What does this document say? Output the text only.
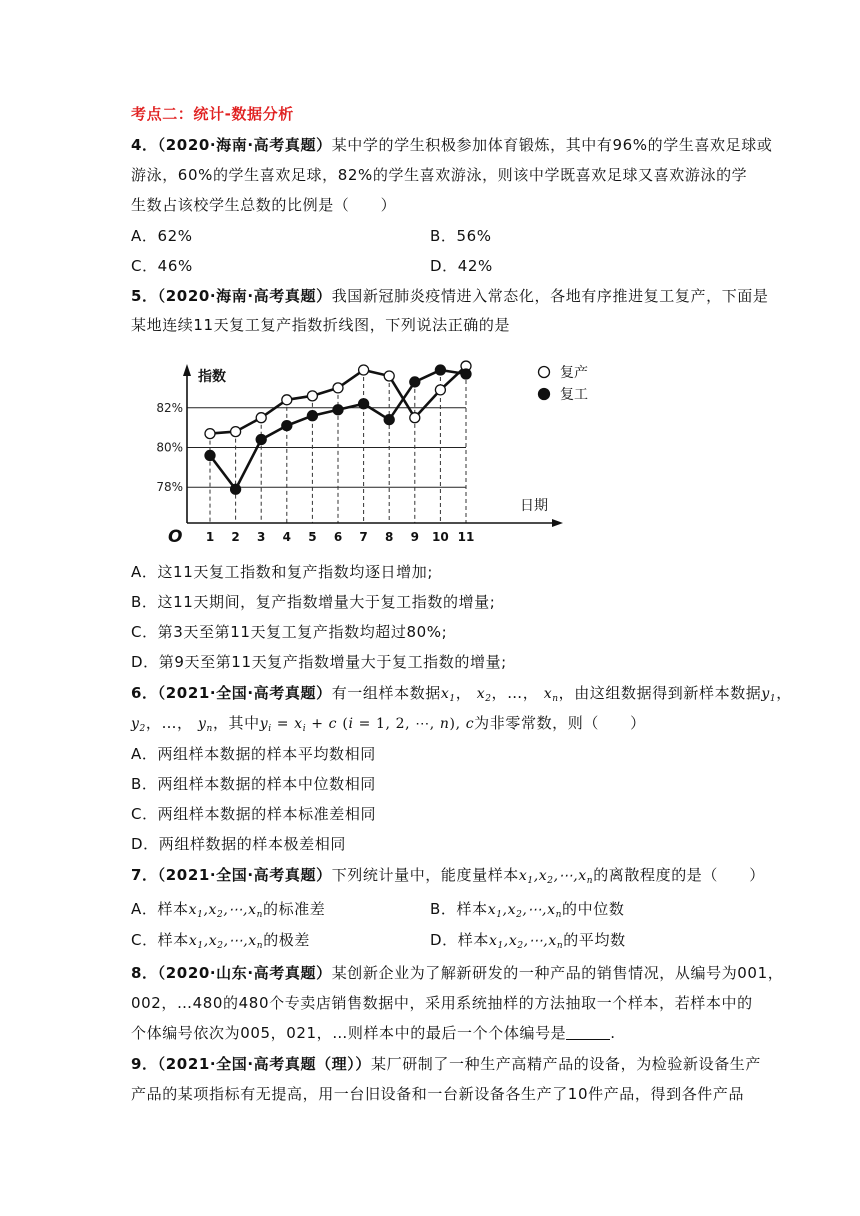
考点二：统计-数据分析
4．（2020·海南·高考真题）某中学的学生积极参加体育锻炼，其中有96%的学生喜欢足球或
游泳，60%的学生喜欢足球，82%的学生喜欢游泳，则该中学既喜欢足球又喜欢游泳的学
生数占该校学生总数的比例是（　　）
A．62%	B．56%
C．46%	D．42%
5．（2020·海南·高考真题）我国新冠肺炎疫情进入常态化，各地有序推进复工复产，下面是
某地连续11天复工复产指数折线图，下列说法正确的是
78%
80%
82%
指数
日期
O 1 2 3 4 5 6 7 8 9 10 11
复产
复工
A．这11天复工指数和复产指数均逐日增加;
B．这11天期间，复产指数增量大于复工指数的增量;
C．第3天至第11天复工复产指数均超过80%;
D．第9天至第11天复产指数增量大于复工指数的增量;
6．（2021·全国·高考真题）有一组样本数据$x_1$， $x_2$，…， $x_n$，由这组数据得到新样本数据$y_1$，
$y_2$，…， $y_n$，其中$y_i = x_i + c$ (i = 1, 2, ⋯, n), c为非零常数，则（　　）
A．两组样本数据的样本平均数相同
B．两组样本数据的样本中位数相同
C．两组样本数据的样本标准差相同
D．两组样数据的样本极差相同
7．（2021·全国·高考真题）下列统计量中，能度量样本$x_1,x_2,\cdots,x_n$的离散程度的是（　　）
A．样本$x_1,x_2,\cdots,x_n$的标准差	B．样本$x_1,x_2,\cdots,x_n$的中位数
C．样本$x_1,x_2,\cdots,x_n$的极差	D．样本$x_1,x_2,\cdots,x_n$的平均数
8．（2020·山东·高考真题）某创新企业为了解新研发的一种产品的销售情况，从编号为001，
002，…480的480个专卖店销售数据中，采用系统抽样的方法抽取一个样本，若样本中的
个体编号依次为005，021，…则样本中的最后一个个体编号是	.
9．（2021·全国·高考真题（理））某厂研制了一种生产高精产品的设备，为检验新设备生产
产品的某项指标有无提高，用一台旧设备和一台新设备各生产了10件产品，得到各件产品
